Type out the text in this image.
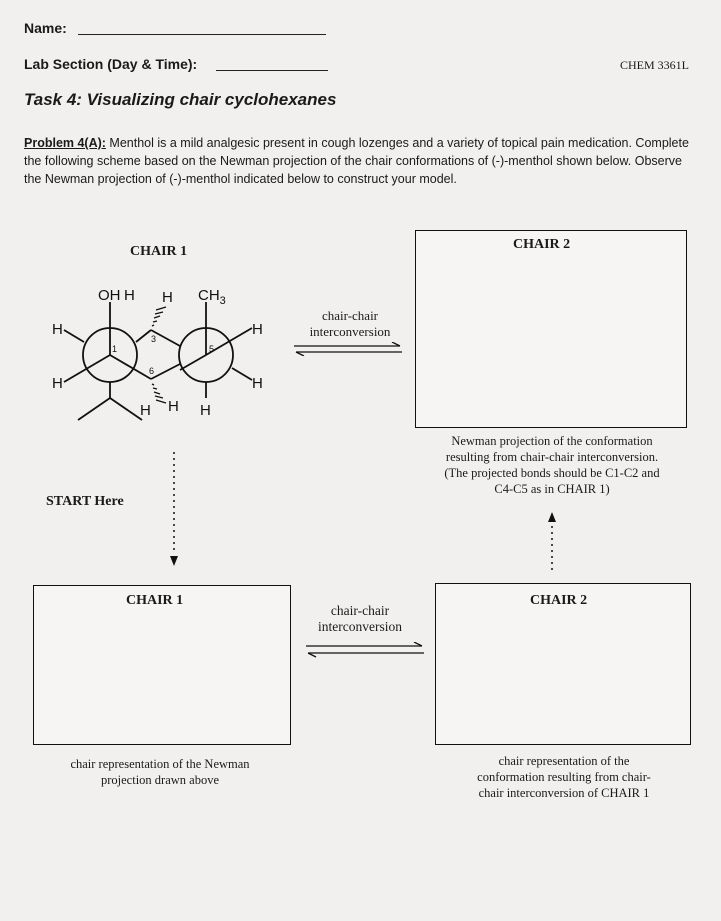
Name:
Lab Section (Day & Time):	CHEM 3361L
Task 4: Visualizing chair cyclohexanes
Problem 4(A): Menthol is a mild analgesic present in cough lozenges and a variety of topical pain medication. Complete the following scheme based on the Newman projection of the chair conformations of (-)-menthol shown below. Observe the Newman projection of (-)-menthol indicated below to construct your model.
CHAIR 1
OH H H $CH_3$
H
H
H
H
H H H
1
3
5
6
chair-chair
interconversion
CHAIR 2
Newman projection of the conformation
resulting from chair-chair interconversion.
(The projected bonds should be C1-C2 and
C4-C5 as in CHAIR 1)
START Here
CHAIR 1
chair representation of the Newman
projection drawn above
chair-chair
interconversion
CHAIR 2
chair representation of the
conformation resulting from chair-
chair interconversion of CHAIR 1
